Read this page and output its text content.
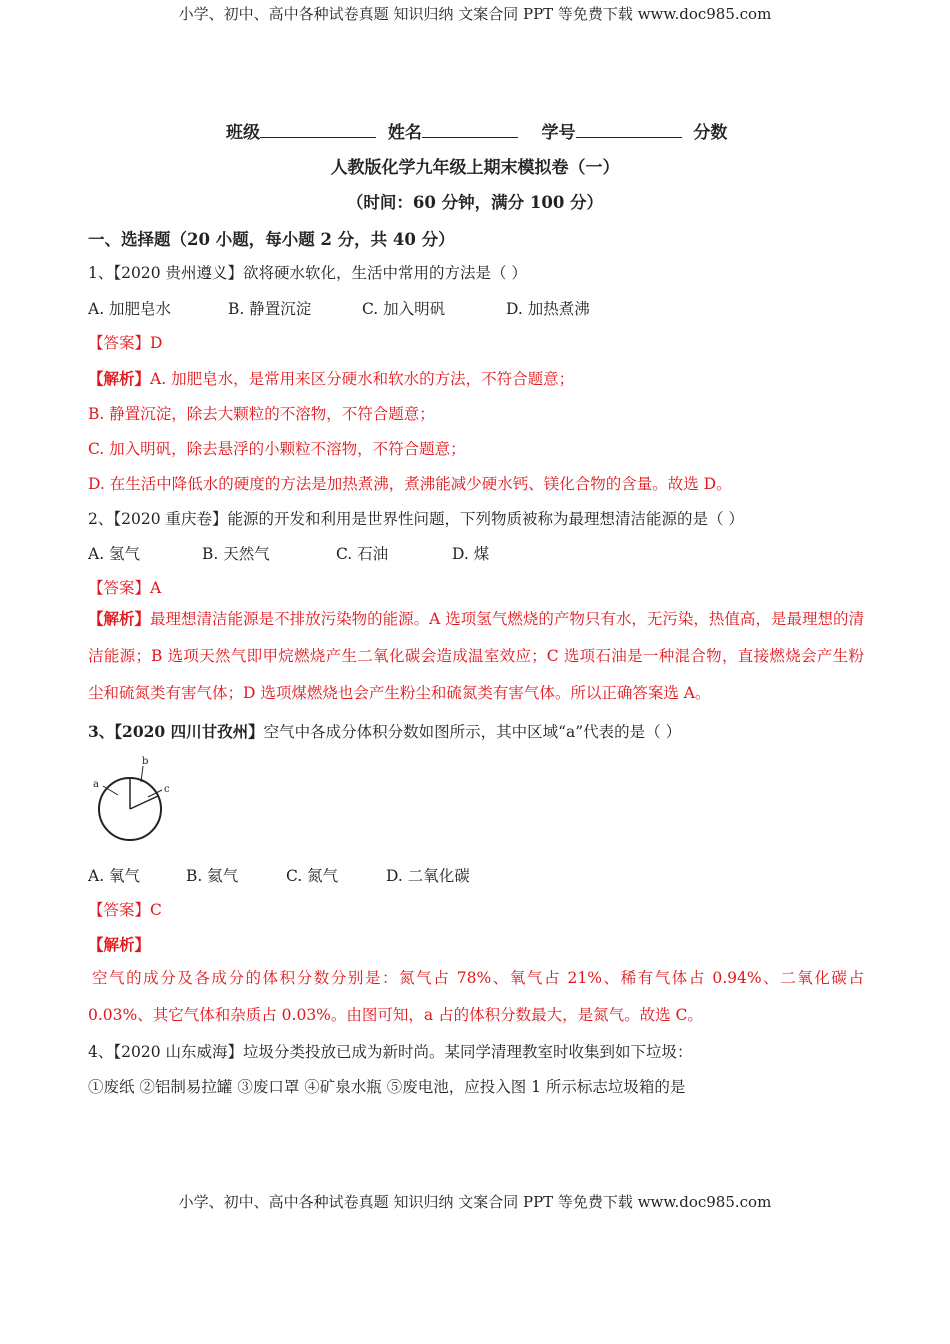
小学、初中、高中各种试卷真题 知识归纳 文案合同 PPT 等免费下载 www.doc985.com
班级	姓名	学号	分数
人教版化学九年级上期末模拟卷（一）
（时间：60 分钟，满分 100 分）
一、选择题（20 小题，每小题 2 分，共 40 分）
1、【2020 贵州遵义】欲将硬水软化，生活中常用的方法是（ ）
A. 加肥皂水	B. 静置沉淀	C. 加入明矾	D. 加热煮沸
【答案】D
【解析】A. 加肥皂水，是常用来区分硬水和软水的方法，不符合题意；
B. 静置沉淀，除去大颗粒的不溶物，不符合题意；
C. 加入明矾，除去悬浮的小颗粒不溶物，不符合题意；
D. 在生活中降低水的硬度的方法是加热煮沸，煮沸能减少硬水钙、镁化合物的含量。故选 D。
2、【2020 重庆卷】能源的开发和利用是世界性问题，下列物质被称为最理想清洁能源的是（ ）
A. 氢气	B. 天然气	C. 石油	D. 煤
【答案】A
【解析】最理想清洁能源是不排放污染物的能源。A 选项氢气燃烧的产物只有水，无污染，热值高，是最理想的清洁能源；B 选项天然气即甲烷燃烧产生二氧化碳会造成温室效应；C 选项石油是一种混合物，直接燃烧会产生粉尘和硫氮类有害气体；D 选项煤燃烧也会产生粉尘和硫氮类有害气体。所以正确答案选 A。
3、【2020 四川甘孜州】空气中各成分体积分数如图所示，其中区域“a”代表的是（ ）
a
b
c
A. 氧气	B. 氦气	C. 氮气	D. 二氧化碳
【答案】C
【解析】
空气的成分及各成分的体积分数分别是：氮气占 78%、氧气占 21%、稀有气体占 0.94%、二氧化碳占 0.03%、其它气体和杂质占 0.03%。由图可知，a 占的体积分数最大，是氮气。故选 C。
4、【2020 山东威海】垃圾分类投放已成为新时尚。某同学清理教室时收集到如下垃圾：
①废纸 ②铝制易拉罐 ③废口罩 ④矿泉水瓶 ⑤废电池，应投入图 1 所示标志垃圾箱的是
小学、初中、高中各种试卷真题 知识归纳 文案合同 PPT 等免费下载 www.doc985.com
